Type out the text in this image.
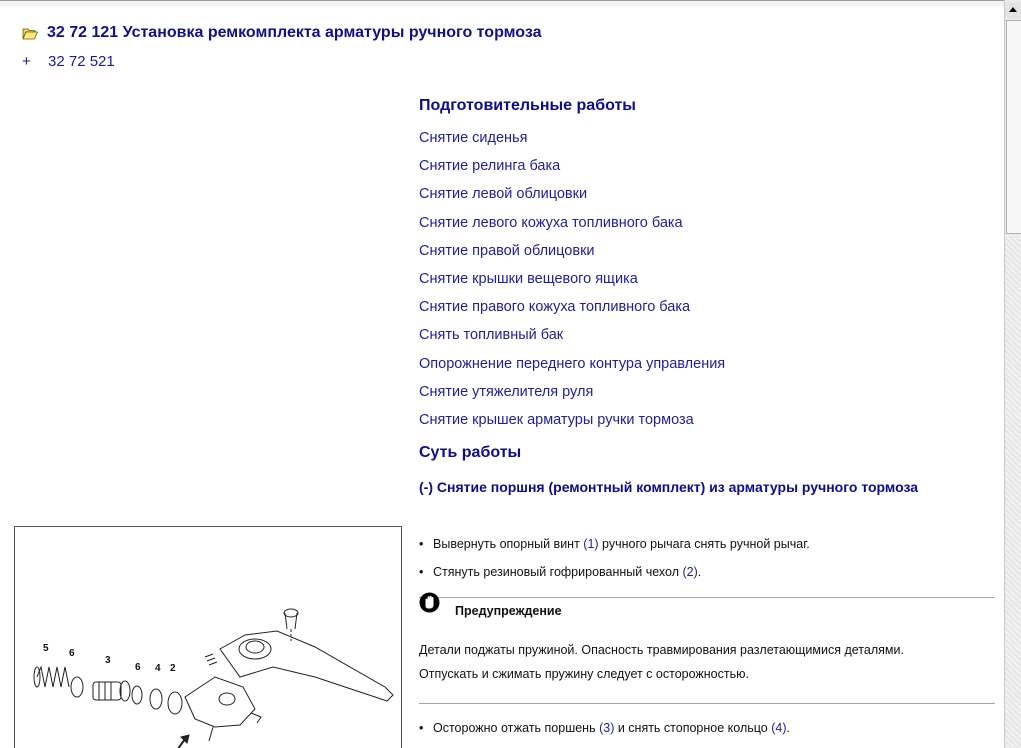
32 72 121 Установка ремкомплекта арматуры ручного тормоза
+ 32 72 521
Подготовительные работы
Снятие сиденья
Снятие релинга бака
Снятие левой облицовки
Снятие левого кожуха топливного бака
Снятие правой облицовки
Снятие крышки вещевого ящика
Снятие правого кожуха топливного бака
Снять топливный бак
Опорожнение переднего контура управления
Снятие утяжелителя руля
Снятие крышек арматуры ручки тормоза
Суть работы
(-) Снятие поршня (ремонтный комплект) из арматуры ручного тормоза
5 6
3
6 4 2
• Вывернуть опорный винт (1) ручного рычага снять ручной рычаг.
• Стянуть резиновый гофрированный чехол (2).
Предупреждение
Детали поджаты пружиной. Опасность травмирования разлетающимися деталями.
Отпускать и сжимать пружину следует с осторожностью.
• Осторожно отжать поршень (3) и снять стопорное кольцо (4).
